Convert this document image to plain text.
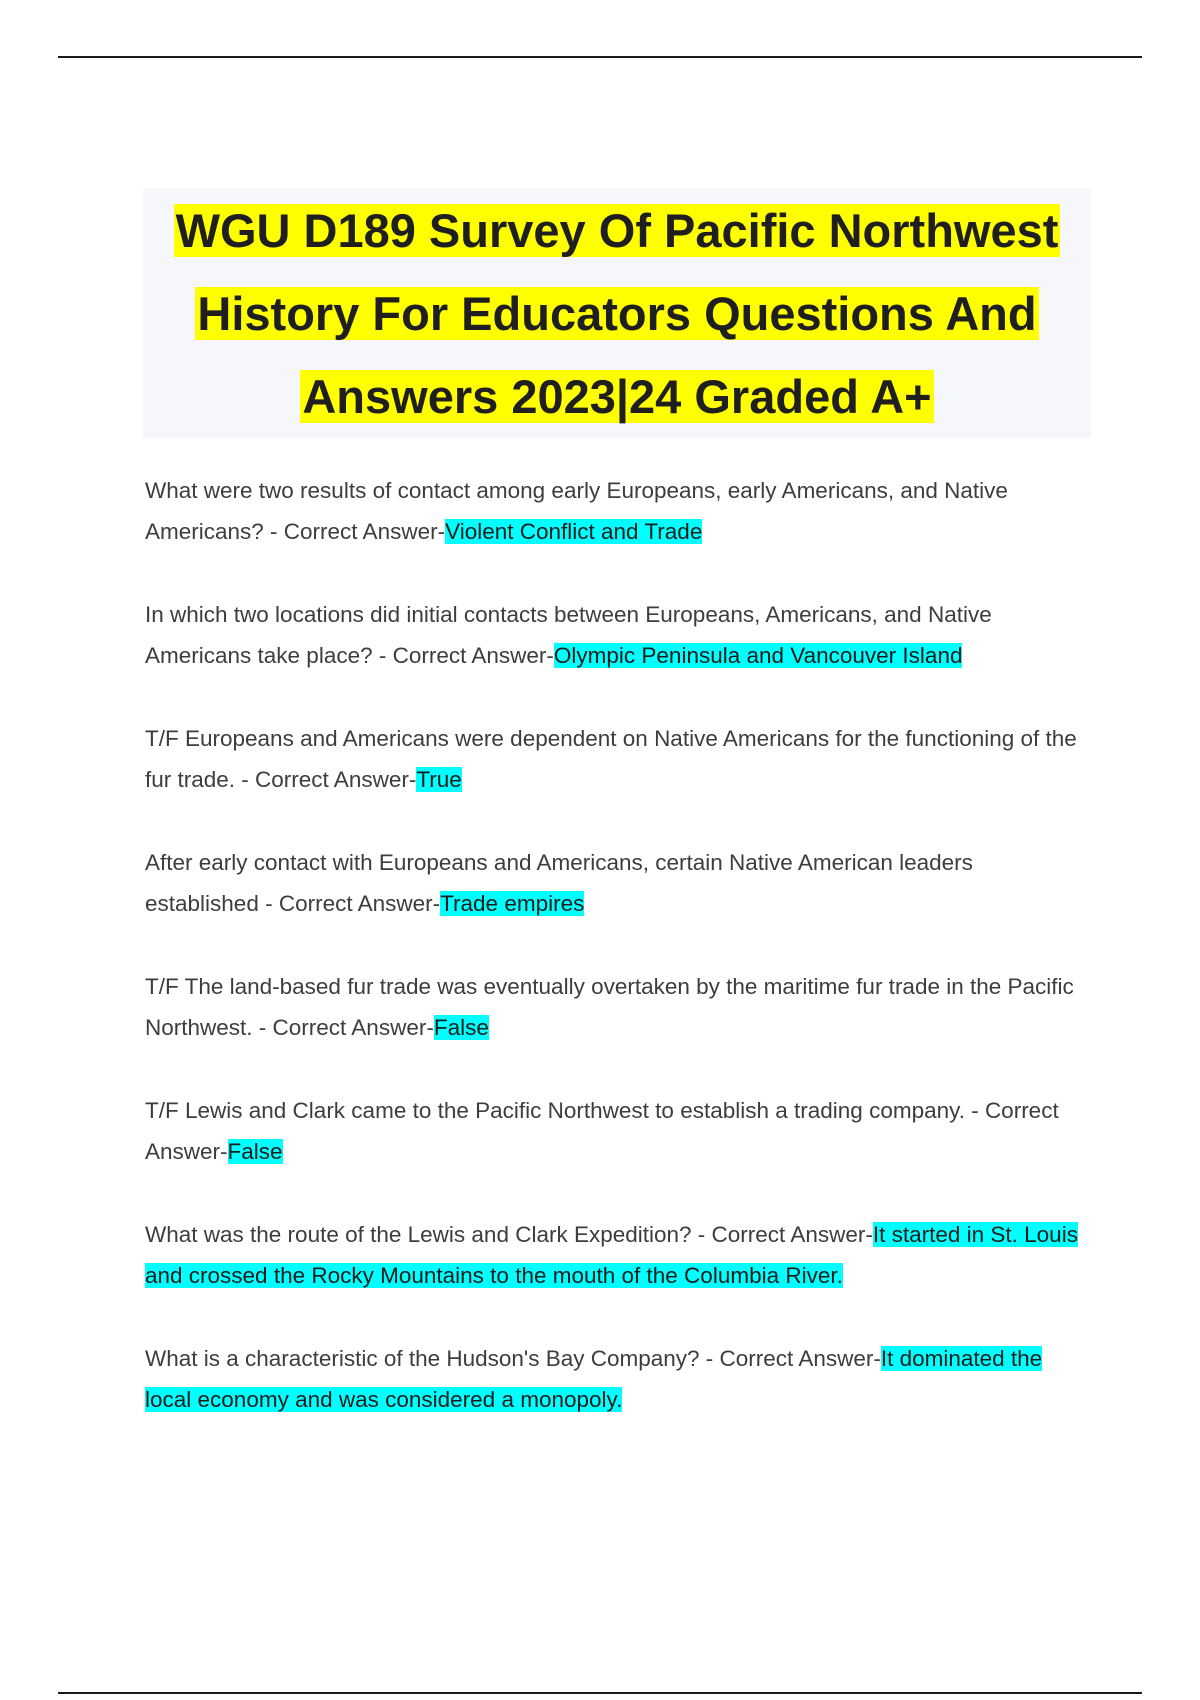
WGU D189 Survey Of Pacific Northwest
History For Educators Questions And
Answers 2023|24 Graded A+

What were two results of contact among early Europeans, early Americans, and Native Americans? - Correct Answer-Violent Conflict and Trade

In which two locations did initial contacts between Europeans, Americans, and Native Americans take place? - Correct Answer-Olympic Peninsula and Vancouver Island

T/F Europeans and Americans were dependent on Native Americans for the functioning of the fur trade. - Correct Answer-True

After early contact with Europeans and Americans, certain Native American leaders established - Correct Answer-Trade empires

T/F The land-based fur trade was eventually overtaken by the maritime fur trade in the Pacific Northwest. - Correct Answer-False

T/F Lewis and Clark came to the Pacific Northwest to establish a trading company. - Correct Answer-False

What was the route of the Lewis and Clark Expedition? - Correct Answer-It started in St. Louis and crossed the Rocky Mountains to the mouth of the Columbia River.

What is a characteristic of the Hudson's Bay Company? - Correct Answer-It dominated the local economy and was considered a monopoly.
